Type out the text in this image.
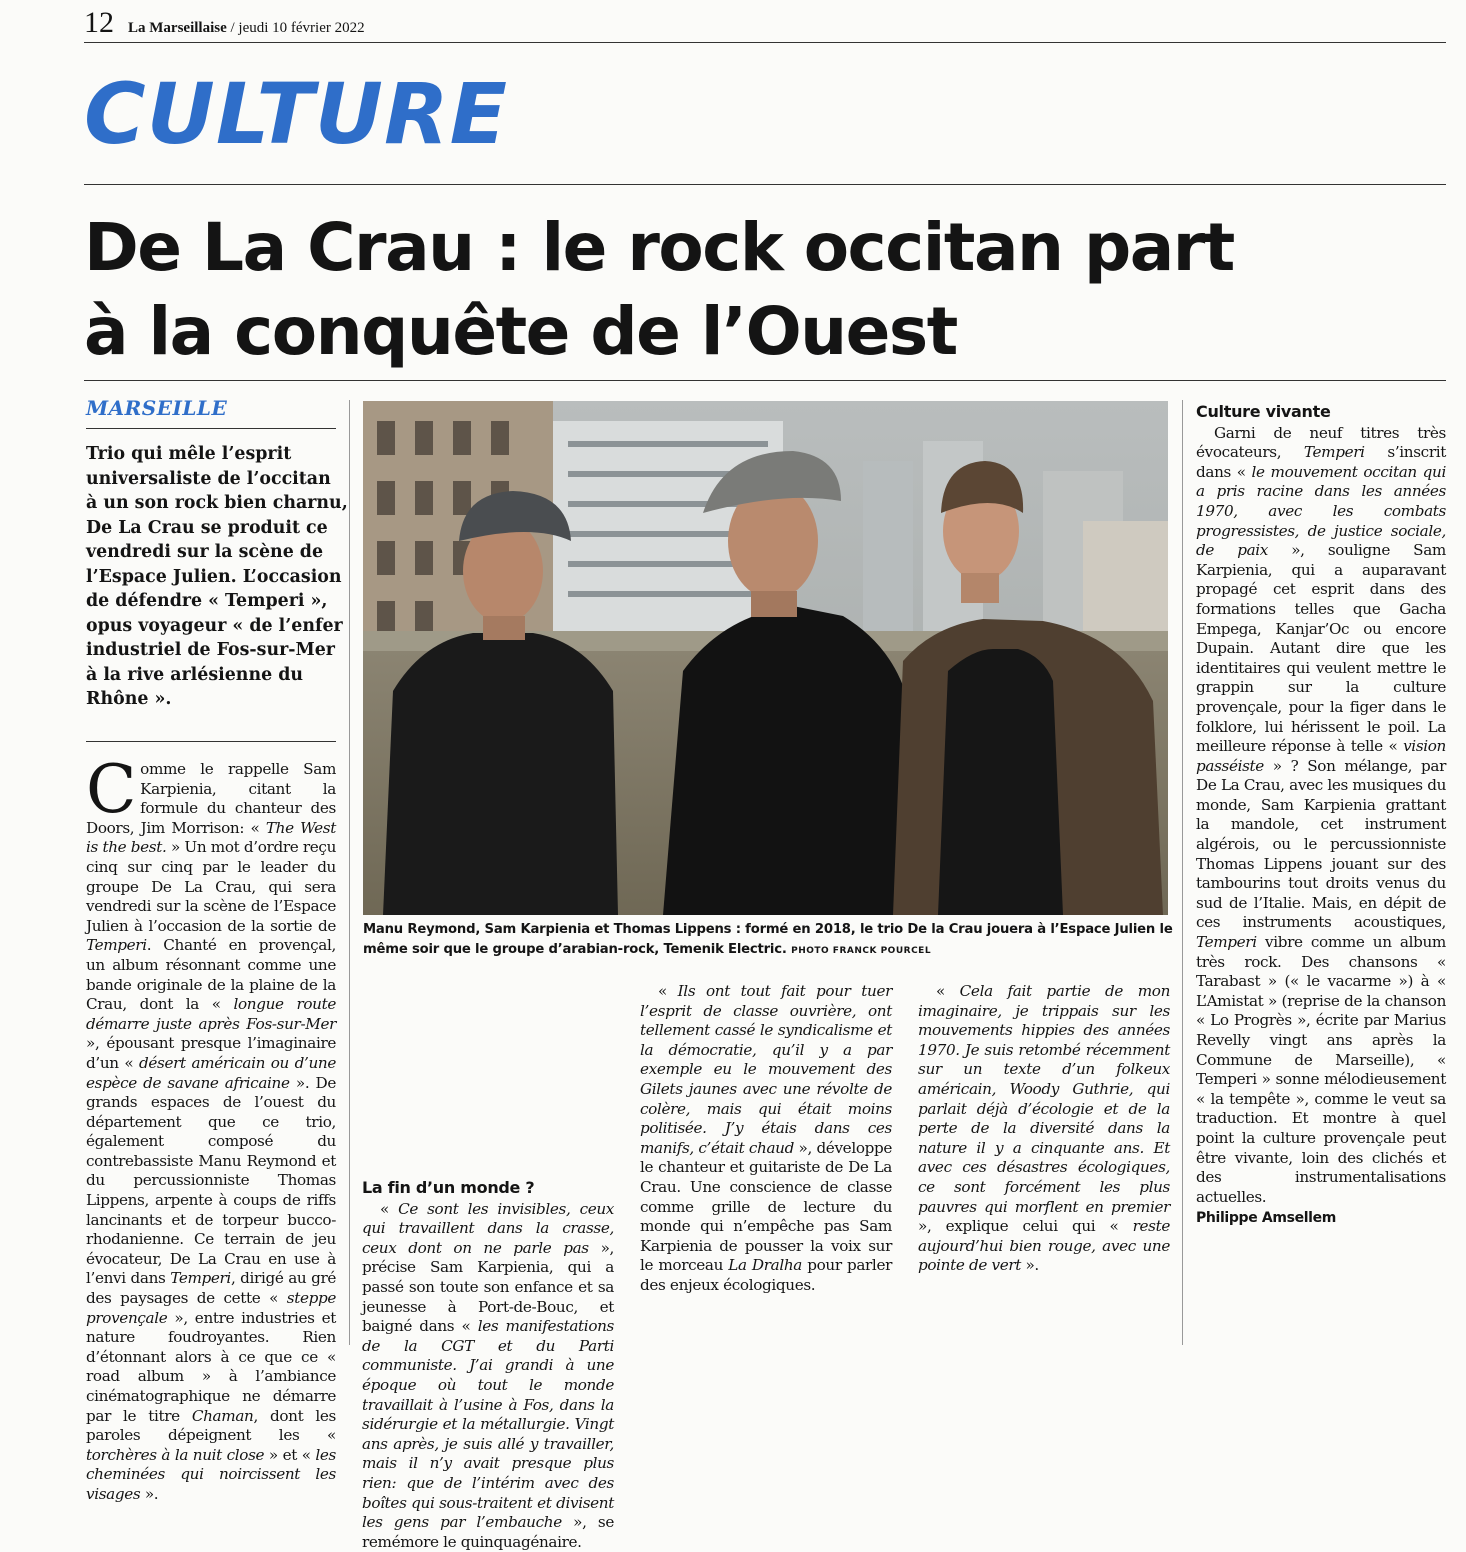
12 La Marseillaise / jeudi 10 février 2022
CULTURE
De La Crau : le rock occitan part
à la conquête de l’Ouest
MARSEILLE
Trio qui mêle l’esprit universaliste de l’occitan à un son rock bien charnu, De La Crau se produit ce vendredi sur la scène de l’Espace Julien. L’occasion de défendre « Temperi », opus voyageur « de l’enfer industriel de Fos-sur-Mer à la rive arlésienne du Rhône ».
Manu Reymond, Sam Karpienia et Thomas Lippens : formé en 2018, le trio De la Crau jouera à l’Espace Julien le même soir que le groupe d’arabian-rock, Temenik Electric. PHOTO FRANCK POURCEL

Comme le rappelle Sam Karpienia, citant la formule du chanteur des Doors, Jim Morrison: « The West is the best. » Un mot d’ordre reçu cinq sur cinq par le leader du groupe De La Crau, qui sera vendredi sur la scène de l’Espace Julien à l’occasion de la sortie de Temperi. Chanté en provençal, un album résonnant comme une bande originale de la plaine de la Crau, dont la « longue route démarre juste après Fos-sur-Mer », épousant presque l’imaginaire d’un « désert américain ou d’une espèce de savane africaine ». De grands espaces de l’ouest du département que ce trio, également composé du contrebassiste Manu Reymond et du percussionniste Thomas Lippens, arpente à coups de riffs lancinants et de torpeur bucco-rhodanienne. Ce terrain de jeu évocateur, De La Crau en use à l’envi dans Temperi, dirigé au gré des paysages de cette « steppe provençale », entre industries et nature foudroyantes. Rien d’étonnant alors à ce que ce « road album » à l’ambiance cinématographique ne démarre par le titre Chaman, dont les paroles dépeignent les « torchères à la nuit close » et « les cheminées qui noircissent les visages ».

La fin d’un monde ?

« Ce sont les invisibles, ceux qui travaillent dans la crasse, ceux dont on ne parle pas », précise Sam Karpienia, qui a passé son toute son enfance et sa jeunesse à Port-de-Bouc, et baigné dans « les manifestations de la CGT et du Parti communiste. J’ai grandi à une époque où tout le monde travaillait à l’usine à Fos, dans la sidérurgie et la métallurgie. Vingt ans après, je suis allé y travailler, mais il n’y avait presque plus rien: que de l’intérim avec des boîtes qui sous-traitent et divisent les gens par l’embauche », se remémore le quinquagénaire.

« Ils ont tout fait pour tuer l’esprit de classe ouvrière, ont tellement cassé le syndicalisme et la démocratie, qu’il y a par exemple eu le mouvement des Gilets jaunes avec une révolte de colère, mais qui était moins politisée. J’y étais dans ces manifs, c’était chaud », développe le chanteur et guitariste de De La Crau. Une conscience de classe comme grille de lecture du monde qui n’empêche pas Sam Karpienia de pousser la voix sur le morceau La Dralha pour parler des enjeux écologiques.

« Cela fait partie de mon imaginaire, je trippais sur les mouvements hippies des années 1970. Je suis retombé récemment sur un texte d’un folkeux américain, Woody Guthrie, qui parlait déjà d’écologie et de la perte de la diversité dans la nature il y a cinquante ans. Et avec ces désastres écologiques, ce sont forcément les plus pauvres qui morflent en premier », explique celui qui « reste aujourd’hui bien rouge, avec une pointe de vert ».

Culture vivante

Garni de neuf titres très évocateurs, Temperi s’inscrit dans « le mouvement occitan qui a pris racine dans les années 1970, avec les combats progressistes, de justice sociale, de paix », souligne Sam Karpienia, qui a auparavant propagé cet esprit dans des formations telles que Gacha Empega, Kanjar’Oc ou encore Dupain. Autant dire que les identitaires qui veulent mettre le grappin sur la culture provençale, pour la figer dans le folklore, lui hérissent le poil. La meilleure réponse à telle « vision passéiste » ? Son mélange, par De La Crau, avec les musiques du monde, Sam Karpienia grattant la mandole, cet instrument algérois, ou le percussionniste Thomas Lippens jouant sur des tambourins tout droits venus du sud de l’Italie. Mais, en dépit de ces instruments acoustiques, Temperi vibre comme un album très rock. Des chansons « Tarabast » (« le vacarme ») à « L’Amistat » (reprise de la chanson « Lo Progrès », écrite par Marius Revelly vingt ans après la Commune de Marseille), « Temperi » sonne mélodieusement « la tempête », comme le veut sa traduction. Et montre à quel point la culture provençale peut être vivante, loin des clichés et des instrumentalisations actuelles.

Philippe Amsellem
